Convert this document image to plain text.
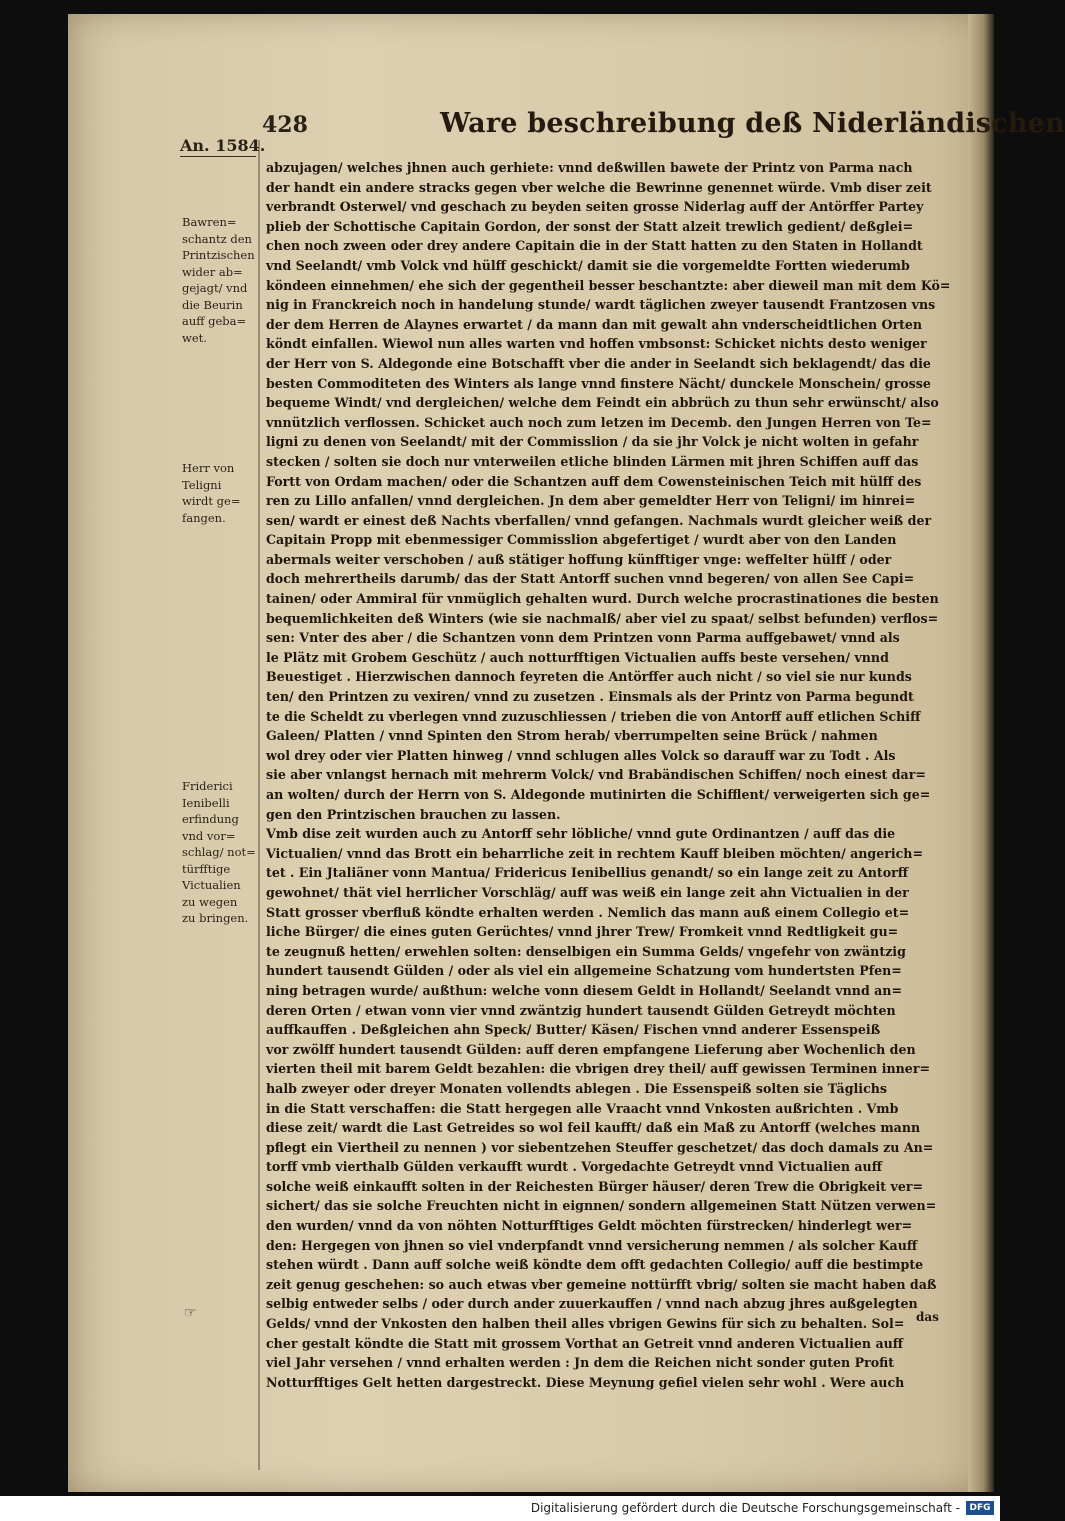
428	Ware beschreibung deß Niderländischen
An. 1584.

Bawren=

schantz den

Printzischen

wider ab=

gejagt/ vnd

die Beurin

auff geba=

wet.

Herr von

Teligni

wirdt ge=

fangen.

Friderici

Ienibelli

erfindung

vnd vor=

schlag/ not=

türfftige

Victualien

zu wegen

zu bringen.

☞
abzujagen/ welches jhnen auch gerhiete: vnnd deßwillen bawete der Printz von Parma nach
der handt ein andere stracks gegen vber welche die Bewrinne genennet würde. Vmb diser zeit
verbrandt Osterwel/ vnd geschach zu beyden seiten grosse Niderlag auff der Antörffer Partey
plieb der Schottische Capitain Gordon, der sonst der Statt alzeit trewlich gedient/ deßglei=
chen noch zween oder drey andere Capitain die in der Statt hatten zu den Staten in Hollandt
vnd Seelandt/ vmb Volck vnd hülff geschickt/ damit sie die vorgemeldte Fortten wiederumb
köndeen einnehmen/ ehe sich der gegentheil besser beschantzte: aber dieweil man mit dem Kö=
nig in Franckreich noch in handelung stunde/ wardt täglichen zweyer tausendt Frantzosen vns
der dem Herren de Alaynes erwartet / da mann dan mit gewalt ahn vnderscheidtlichen Orten
köndt einfallen. Wiewol nun alles warten vnd hoffen vmbsonst: Schicket nichts desto weniger
der Herr von S. Aldegonde eine Botschafft vber die ander in Seelandt sich beklagendt/ das die
besten Commoditeten des Winters als lange vnnd finstere Nächt/ dunckele Monschein/ grosse
bequeme Windt/ vnd dergleichen/ welche dem Feindt ein abbrüch zu thun sehr erwünscht/ also
vnnützlich verflossen. Schicket auch noch zum letzen im Decemb. den Jungen Herren von Te=
ligni zu denen von Seelandt/ mit der Commisslion / da sie jhr Volck je nicht wolten in gefahr
stecken / solten sie doch nur vnterweilen etliche blinden Lärmen mit jhren Schiffen auff das
Fortt von Ordam machen/ oder die Schantzen auff dem Cowensteinischen Teich mit hülff des
ren zu Lillo anfallen/ vnnd dergleichen. Jn dem aber gemeldter Herr von Teligni/ im hinrei=
sen/ wardt er einest deß Nachts vberfallen/ vnnd gefangen. Nachmals wurdt gleicher weiß der
Capitain Propp mit ebenmessiger Commisslion abgefertiget / wurdt aber von den Landen
abermals weiter verschoben / auß stätiger hoffung künfftiger vnge: weffelter hülff / oder
doch mehrertheils darumb/ das der Statt Antorff suchen vnnd begeren/ von allen See Capi=
tainen/ oder Ammiral für vnmüglich gehalten wurd. Durch welche procrastinationes die besten
bequemlichkeiten deß Winters (wie sie nachmalß/ aber viel zu spaat/ selbst befunden) verflos=
sen: Vnter des aber / die Schantzen vonn dem Printzen vonn Parma auffgebawet/ vnnd als
le Plätz mit Grobem Geschütz / auch notturfftigen Victualien auffs beste versehen/ vnnd
Beuestiget . Hierzwischen dannoch feyreten die Antörffer auch nicht / so viel sie nur kunds
ten/ den Printzen zu vexiren/ vnnd zu zusetzen . Einsmals als der Printz von Parma begundt
te die Scheldt zu vberlegen vnnd zuzuschliessen / trieben die von Antorff auff etlichen Schiff
Galeen/ Platten / vnnd Spinten den Strom herab/ vberrumpelten seine Brück / nahmen
wol drey oder vier Platten hinweg / vnnd schlugen alles Volck so darauff war zu Todt . Als
sie aber vnlangst hernach mit mehrerm Volck/ vnd Brabändischen Schiffen/ noch einest dar=
an wolten/ durch der Herrn von S. Aldegonde mutinirten die Schifflent/ verweigerten sich ge=
gen den Printzischen brauchen zu lassen.
Vmb dise zeit wurden auch zu Antorff sehr löbliche/ vnnd gute Ordinantzen / auff das die
Victualien/ vnnd das Brott ein beharrliche zeit in rechtem Kauff bleiben möchten/ angerich=
tet . Ein Jtaliäner vonn Mantua/ Fridericus Ienibellius genandt/ so ein lange zeit zu Antorff
gewohnet/ thät viel herrlicher Vorschläg/ auff was weiß ein lange zeit ahn Victualien in der
Statt grosser vberfluß köndte erhalten werden . Nemlich das mann auß einem Collegio et=
liche Bürger/ die eines guten Gerüchtes/ vnnd jhrer Trew/ Fromkeit vnnd Redtligkeit gu=
te zeugnuß hetten/ erwehlen solten: denselbigen ein Summa Gelds/ vngefehr von zwäntzig
hundert tausendt Gülden / oder als viel ein allgemeine Schatzung vom hundertsten Pfen=
ning betragen wurde/ außthun: welche vonn diesem Geldt in Hollandt/ Seelandt vnnd an=
deren Orten / etwan vonn vier vnnd zwäntzig hundert tausendt Gülden Getreydt möchten
auffkauffen . Deßgleichen ahn Speck/ Butter/ Käsen/ Fischen vnnd anderer Essenspeiß
vor zwölff hundert tausendt Gülden: auff deren empfangene Lieferung aber Wochenlich den
vierten theil mit barem Geldt bezahlen: die vbrigen drey theil/ auff gewissen Terminen inner=
halb zweyer oder dreyer Monaten vollendts ablegen . Die Essenspeiß solten sie Täglichs
in die Statt verschaffen: die Statt hergegen alle Vraacht vnnd Vnkosten außrichten . Vmb
diese zeit/ wardt die Last Getreides so wol feil kaufft/ daß ein Maß zu Antorff (welches mann
pflegt ein Viertheil zu nennen ) vor siebentzehen Steuffer geschetzet/ das doch damals zu An=
torff vmb vierthalb Gülden verkaufft wurdt . Vorgedachte Getreydt vnnd Victualien auff
solche weiß einkaufft solten in der Reichesten Bürger häuser/ deren Trew die Obrigkeit ver=
sichert/ das sie solche Freuchten nicht in eignnen/ sondern allgemeinen Statt Nützen verwen=
den wurden/ vnnd da von nöhten Notturfftiges Geldt möchten fürstrecken/ hinderlegt wer=
den: Hergegen von jhnen so viel vnderpfandt vnnd versicherung nemmen / als solcher Kauff
stehen würdt . Dann auff solche weiß köndte dem offt gedachten Collegio/ auff die bestimpte
zeit genug geschehen: so auch etwas vber gemeine nottürfft vbrig/ solten sie macht haben daß
selbig entweder selbs / oder durch ander zuuerkauffen / vnnd nach abzug jhres außgelegten
Gelds/ vnnd der Vnkosten den halben theil alles vbrigen Gewins für sich zu behalten. Sol=
cher gestalt köndte die Statt mit grossem Vorthat an Getreit vnnd anderen Victualien auff
viel Jahr versehen / vnnd erhalten werden : Jn dem die Reichen nicht sonder guten Profit
Notturfftiges Gelt hetten dargestreckt. Diese Meynung gefiel vielen sehr wohl . Were auch
das
Digitalisierung gefördert durch die Deutsche Forschungsgemeinschaft -	DFG
